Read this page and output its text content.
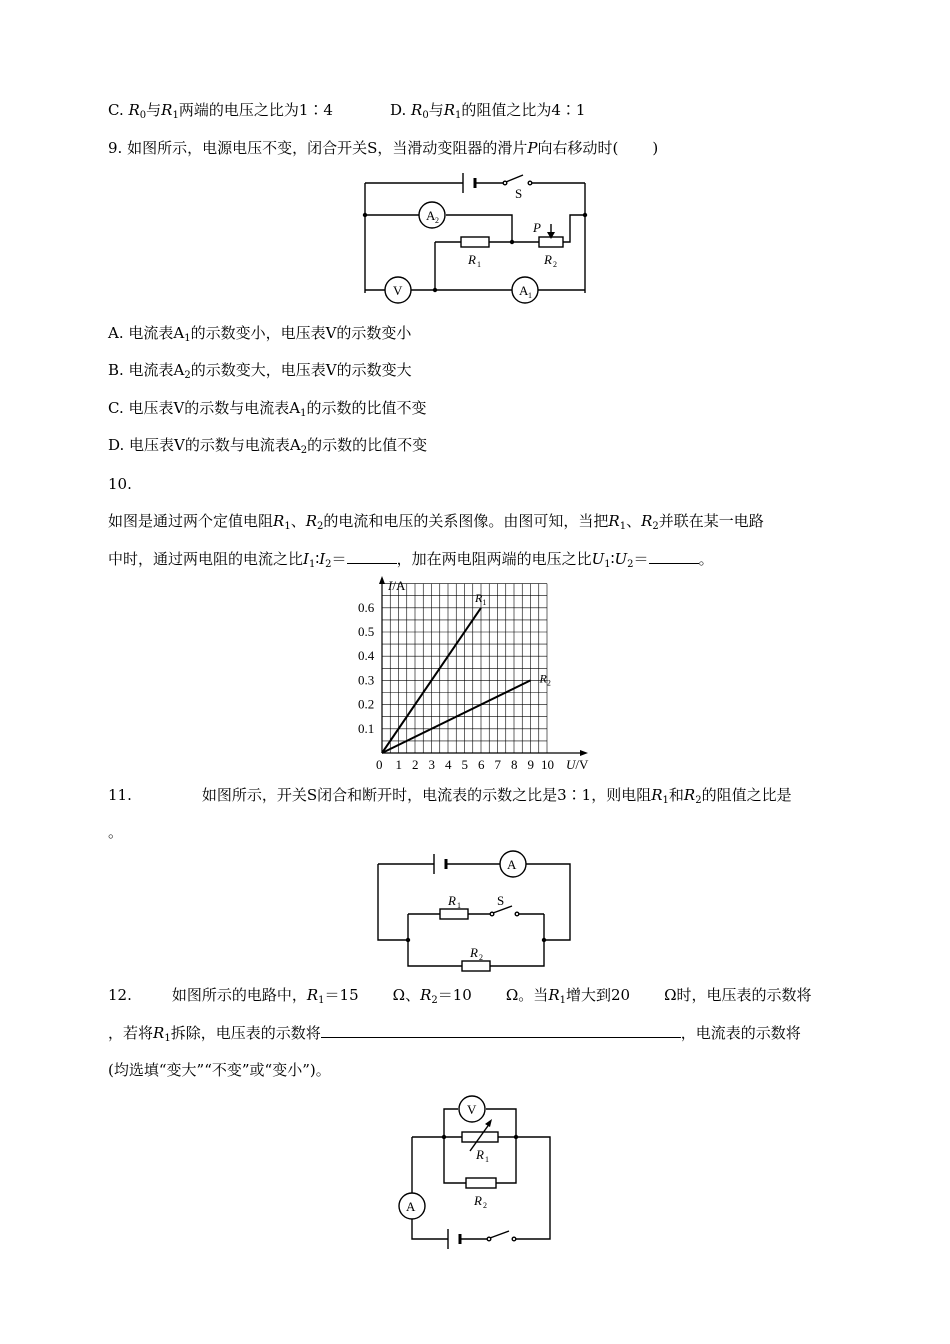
C. $R_0$与$R_1$两端的电压之比为1∶4	D. $R_0$与$R_1$的阻值之比为4∶1
9. 如图所示，电源电压不变，闭合开关S，当滑动变阻器的滑片P向右移动时( )
S
A 2
R 1
P
R 2
V	A 1
A. 电流表$A_1$的示数变小，电压表V的示数变小
B. 电流表$A_2$的示数变大，电压表V的示数变大
C. 电压表V的示数与电流表$A_1$的示数的比值不变
D. 电压表V的示数与电流表$A_2$的示数的比值不变
10.
如图是通过两个定值电阻$R_1$、$R_2$的电流和电压的关系图像。由图可知，当把$R_1$、$R_2$并联在某一电路
中时，通过两电阻的电流之比$I_1∶I_2=$	，加在两电阻两端的电压之比$U_1∶U_2=$	。
0 1 2 3 4 5 6 7 8 9 10
0.1
0.2
0.3
0.4
0.5
0.6
I/A
U/V
$R_1$
$R_2$
11.	如图所示，开关S闭合和断开时，电流表的示数之比是3∶1，则电阻$R_1$和$R_2$的阻值之比是
。
A
R 1	S
R 2
12.	如图所示的电路中，$R_1=15$ Ω、$R_2=10$ Ω。当$R_1$增大到20 Ω时，电压表的示数将
，若将$R_1$拆除，电压表的示数将	，电流表的示数将
(均选填“变大”“不变”或“变小”)。
V
R 1
R 2
A
